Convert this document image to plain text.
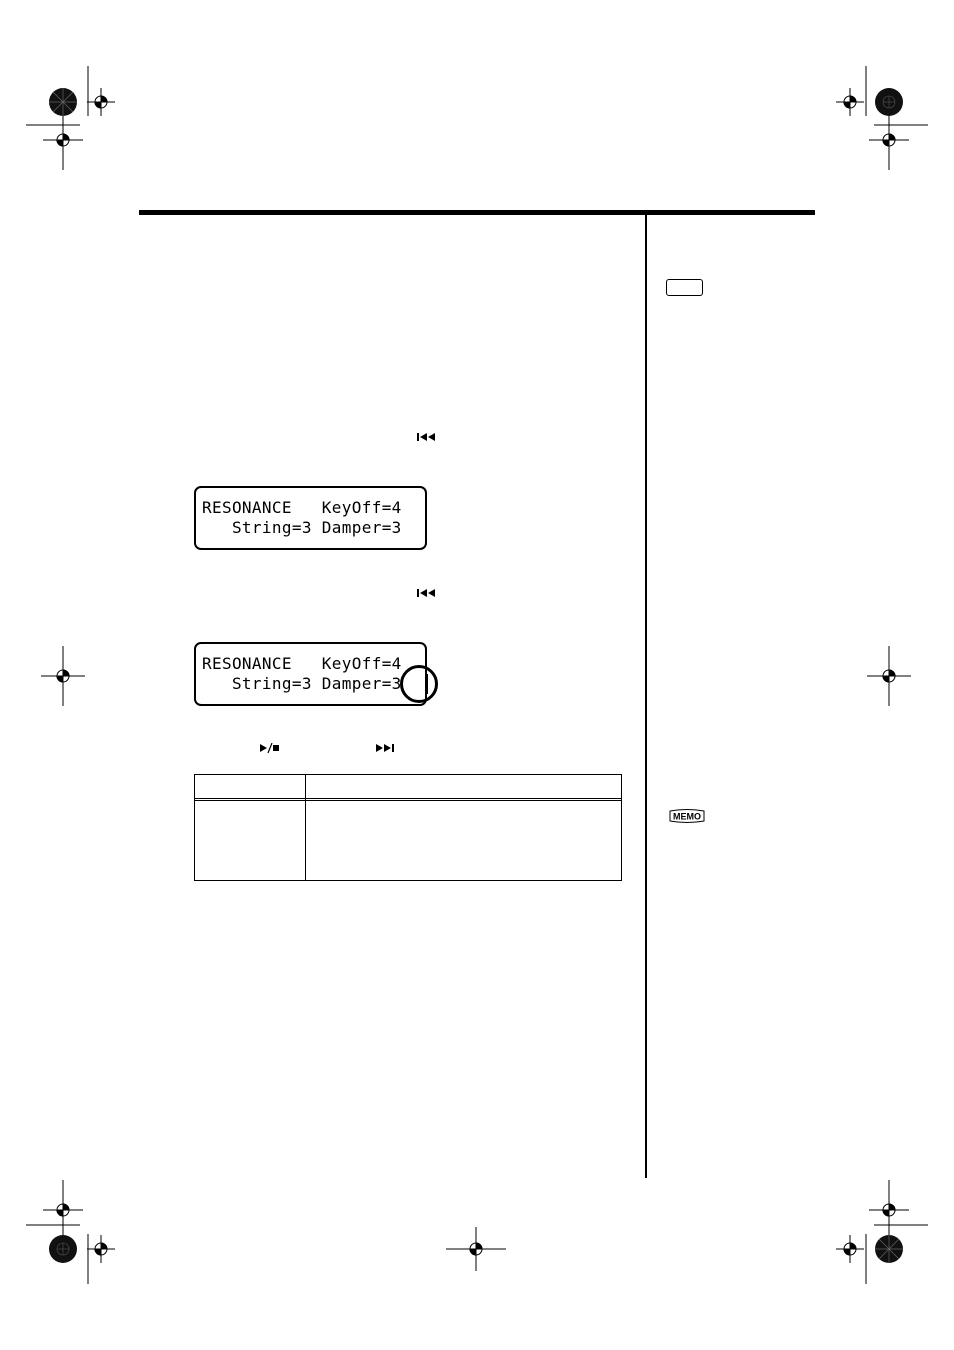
RESONANCE   KeyOff=4
String=3 Damper=3
RESONANCE   KeyOff=4
String=3 Damper=3
MEMO
